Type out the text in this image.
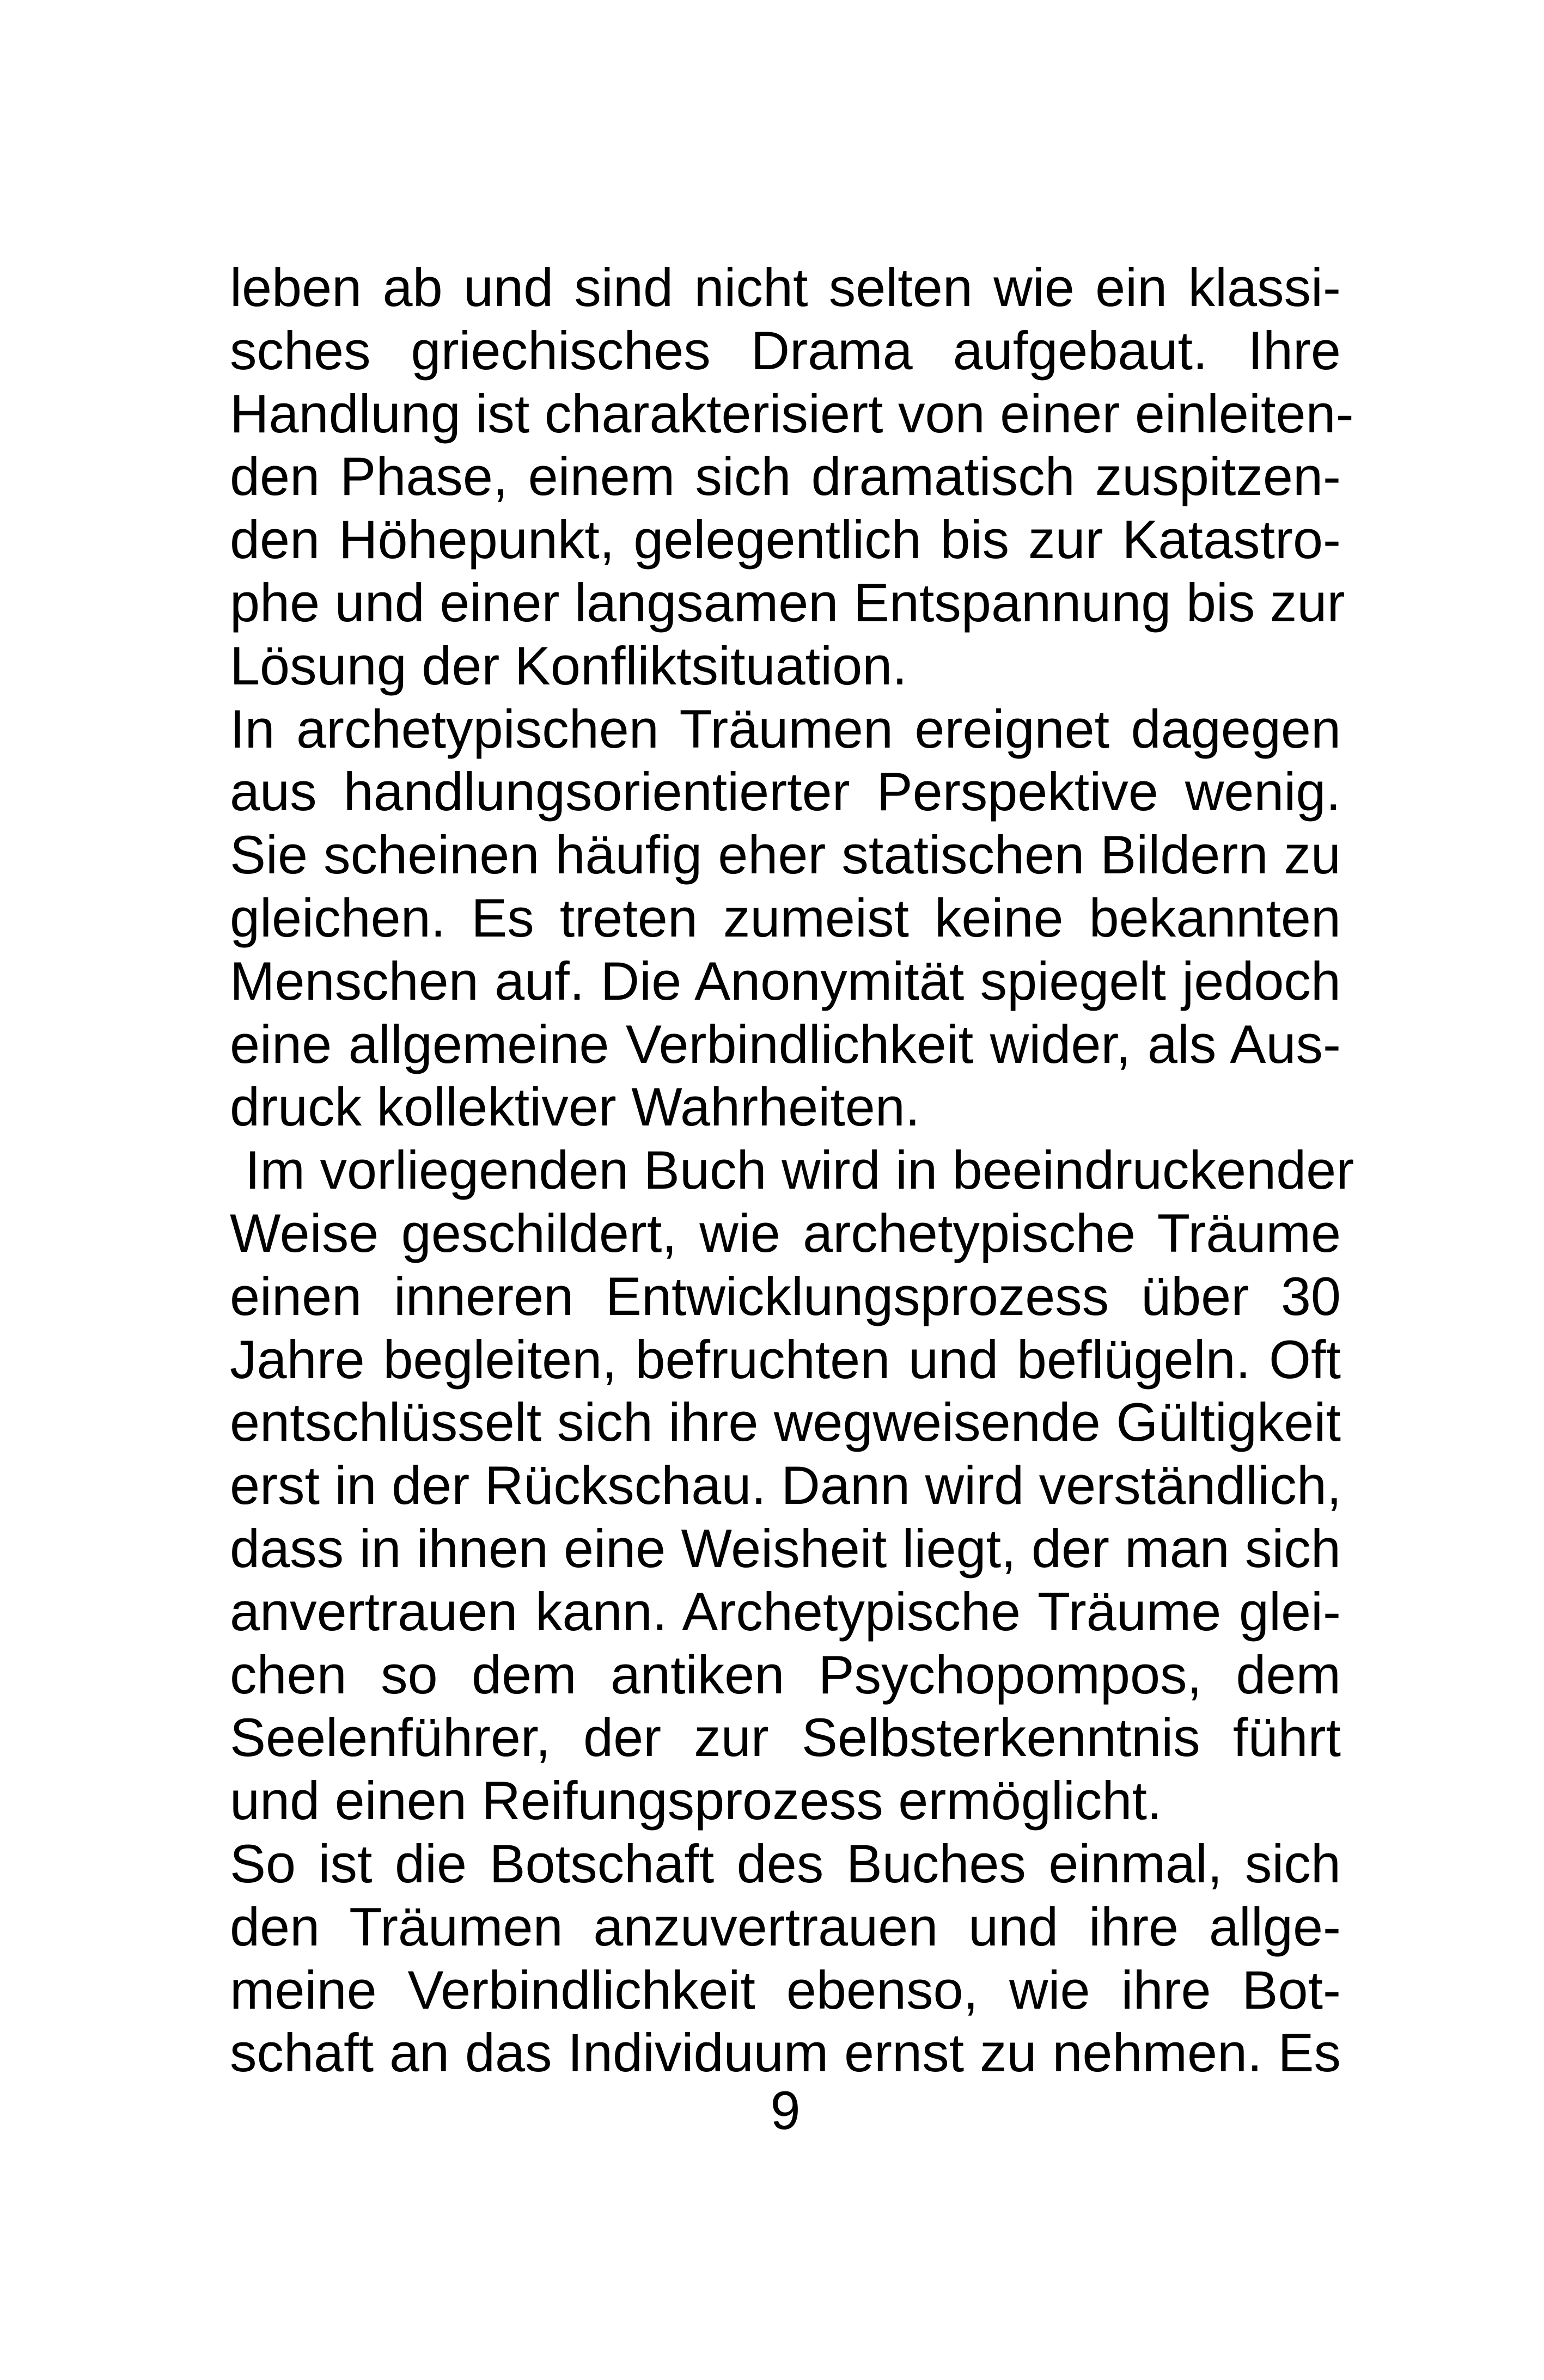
leben ab und sind nicht selten wie ein klassi-
sches griechisches Drama aufgebaut. Ihre
Handlung ist charakterisiert von einer einleiten-
den Phase, einem sich dramatisch zuspitzen-
den Höhepunkt, gelegentlich bis zur Katastro-
phe und einer langsamen Entspannung bis zur
Lösung der Konfliktsituation.
In archetypischen Träumen ereignet dagegen
aus handlungsorientierter Perspektive wenig.
Sie scheinen häufig eher statischen Bildern zu
gleichen. Es treten zumeist keine bekannten
Menschen auf. Die Anonymität spiegelt jedoch
eine allgemeine Verbindlichkeit wider, als Aus-
druck kollektiver Wahrheiten.
Im vorliegenden Buch wird in beeindruckender
Weise geschildert, wie archetypische Träume
einen inneren Entwicklungsprozess über 30
Jahre begleiten, befruchten und beflügeln. Oft
entschlüsselt sich ihre wegweisende Gültigkeit
erst in der Rückschau. Dann wird verständlich,
dass in ihnen eine Weisheit liegt, der man sich
anvertrauen kann. Archetypische Träume glei-
chen so dem antiken Psychopompos, dem
Seelenführer, der zur Selbsterkenntnis führt
und einen Reifungsprozess ermöglicht.
So ist die Botschaft des Buches einmal, sich
den Träumen anzuvertrauen und ihre allge-
meine Verbindlichkeit ebenso, wie ihre Bot-
schaft an das Individuum ernst zu nehmen. Es
9
